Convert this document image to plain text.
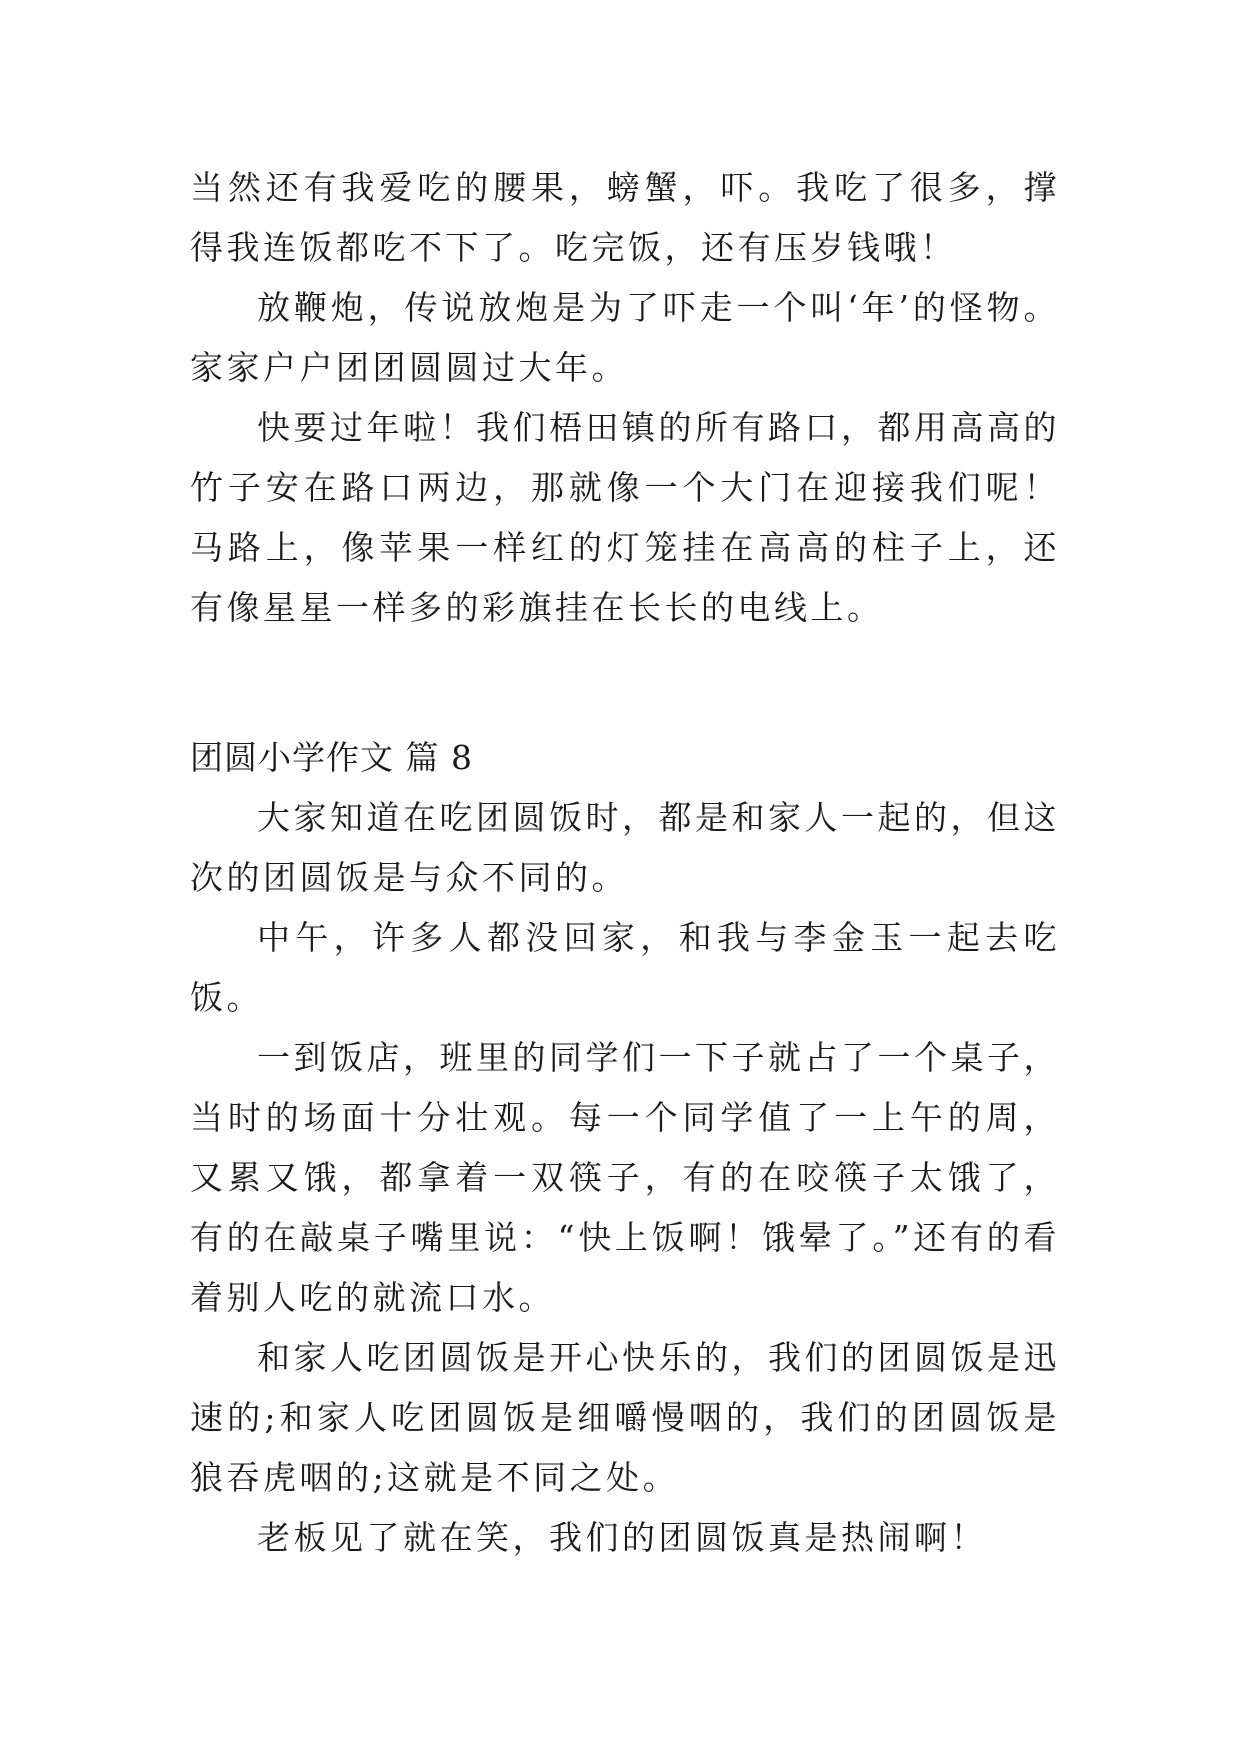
当然还有我爱吃的腰果，螃蟹，吓。我吃了很多，撑得我连饭都吃不下了。吃完饭，还有压岁钱哦！

放鞭炮，传说放炮是为了吓走一个叫‘年’的怪物。家家户户团团圆圆过大年。

快要过年啦！我们梧田镇的所有路口，都用高高的竹子安在路口两边，那就像一个大门在迎接我们呢！马路上，像苹果一样红的灯笼挂在高高的柱子上，还有像星星一样多的彩旗挂在长长的电线上。

团圆小学作文 篇 8

大家知道在吃团圆饭时，都是和家人一起的，但这次的团圆饭是与众不同的。

中午，许多人都没回家，和我与李金玉一起去吃饭。

一到饭店，班里的同学们一下子就占了一个桌子，当时的场面十分壮观。每一个同学值了一上午的周，又累又饿，都拿着一双筷子，有的在咬筷子太饿了，有的在敲桌子嘴里说：“快上饭啊！饿晕了。”还有的看着别人吃的就流口水。

和家人吃团圆饭是开心快乐的，我们的团圆饭是迅速的;和家人吃团圆饭是细嚼慢咽的，我们的团圆饭是狼吞虎咽的;这就是不同之处。

老板见了就在笑，我们的团圆饭真是热闹啊！
